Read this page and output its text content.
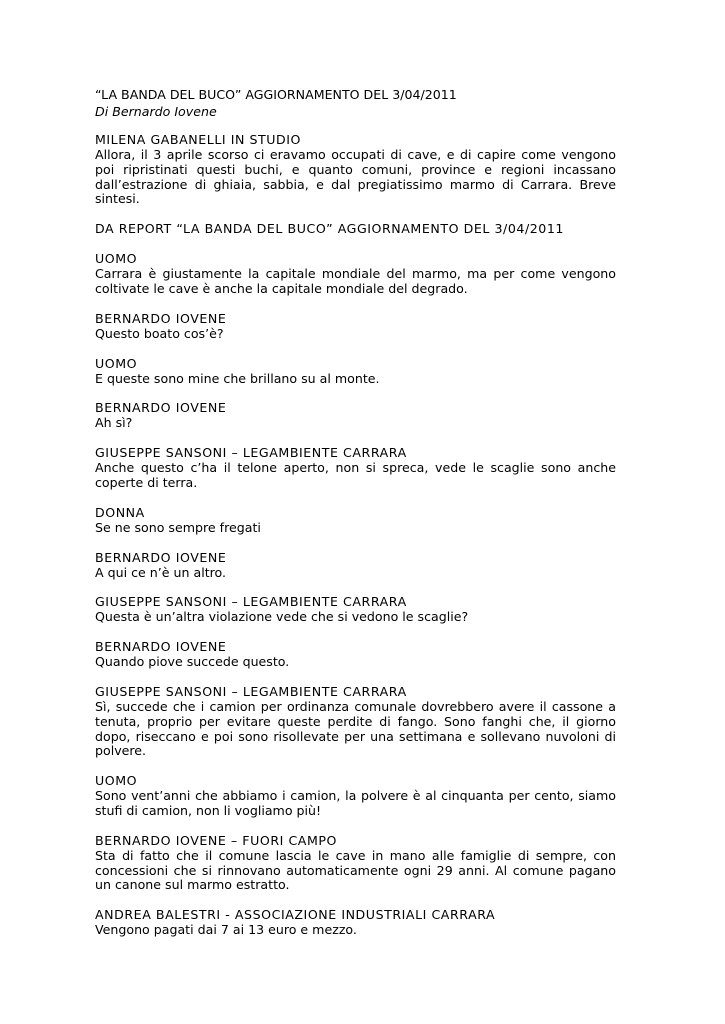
“LA BANDA DEL BUCO” AGGIORNAMENTO DEL 3/04/2011

Di Bernardo Iovene

MILENA GABANELLI IN STUDIO

Allora, il 3 aprile scorso ci eravamo occupati di cave, e di capire come vengono poi ripristinati questi buchi, e quanto comuni, province e regioni incassano dall’estrazione di ghiaia, sabbia, e dal pregiatissimo marmo di Carrara. Breve sintesi.

DA REPORT “LA BANDA DEL BUCO” AGGIORNAMENTO DEL 3/04/2011

UOMO

Carrara è giustamente la capitale mondiale del marmo, ma per come vengono coltivate le cave è anche la capitale mondiale del degrado.

BERNARDO IOVENE

Questo boato cos’è?

UOMO

E queste sono mine che brillano su al monte.

BERNARDO IOVENE

Ah sì?

GIUSEPPE SANSONI – LEGAMBIENTE CARRARA

Anche questo c’ha il telone aperto, non si spreca, vede le scaglie sono anche coperte di terra.

DONNA

Se ne sono sempre fregati

BERNARDO IOVENE

A qui ce n’è un altro.

GIUSEPPE SANSONI – LEGAMBIENTE CARRARA

Questa è un’altra violazione vede che si vedono le scaglie?

BERNARDO IOVENE

Quando piove succede questo.

GIUSEPPE SANSONI – LEGAMBIENTE CARRARA

Sì, succede che i camion per ordinanza comunale dovrebbero avere il cassone a tenuta, proprio per evitare queste perdite di fango. Sono fanghi che, il giorno dopo, riseccano e poi sono risollevate per una settimana e sollevano nuvoloni di polvere.

UOMO

Sono vent’anni che abbiamo i camion, la polvere è al cinquanta per cento, siamo stufi di camion, non li vogliamo più!

BERNARDO IOVENE – FUORI CAMPO

Sta di fatto che il comune lascia le cave in mano alle famiglie di sempre, con concessioni che si rinnovano automaticamente ogni 29 anni. Al comune pagano un canone sul marmo estratto.

ANDREA BALESTRI - ASSOCIAZIONE INDUSTRIALI CARRARA

Vengono pagati dai 7 ai 13 euro e mezzo.
